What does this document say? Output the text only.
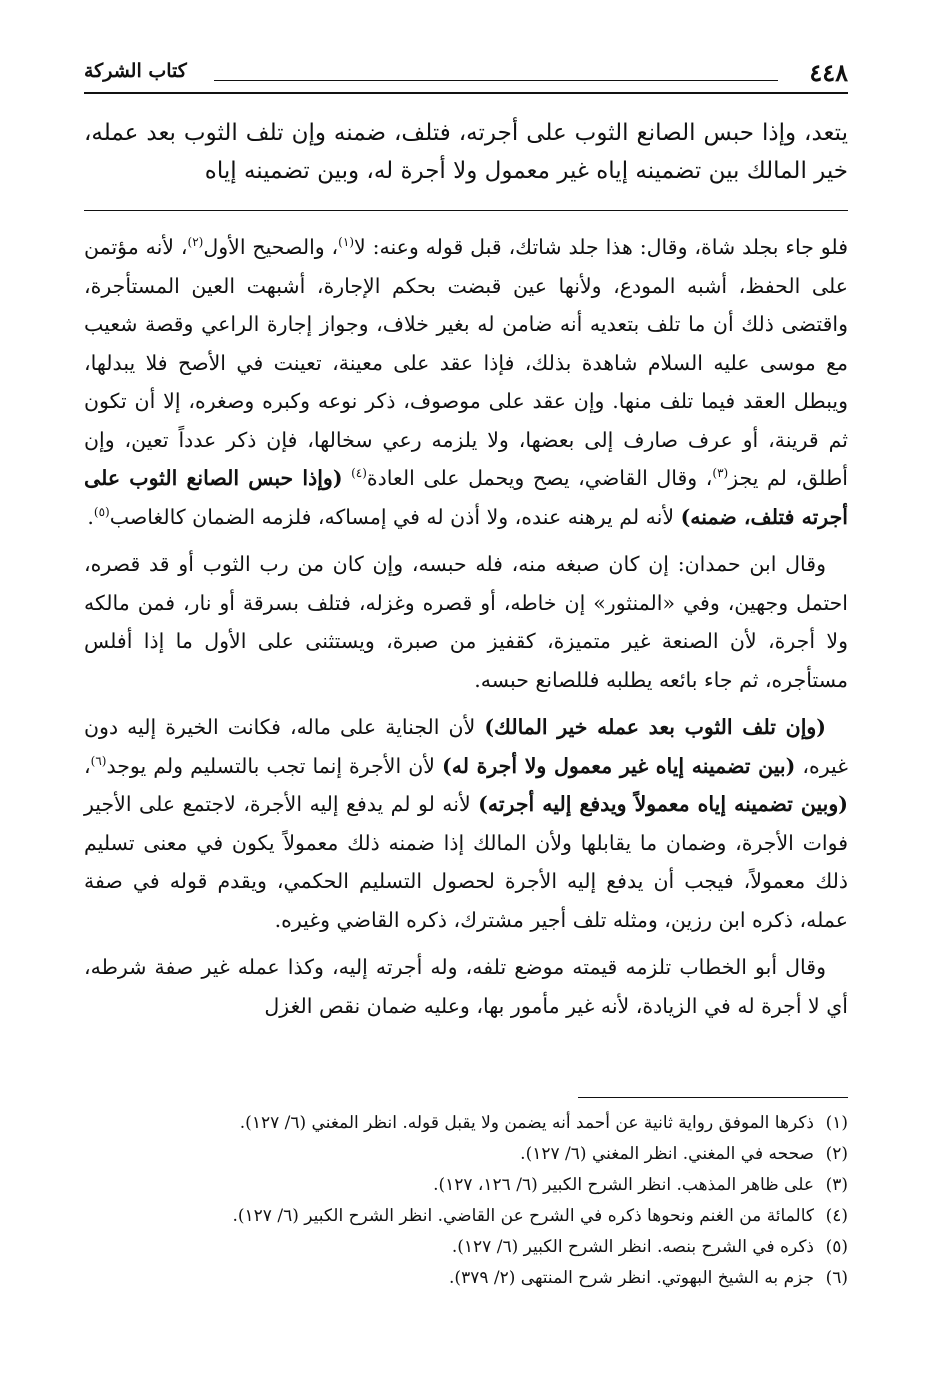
٤٤٨
كتاب الشركة

يتعد، وإذا حبس الصانع الثوب على أجرته، فتلف، ضمنه وإن تلف الثوب بعد عمله، خير المالك بين تضمينه إياه غير معمول ولا أجرة له، وبين تضمينه إياه

فلو جاء بجلد شاة، وقال: هذا جلد شاتك، قبل قوله وعنه: لا$^{(١)}$، والصحيح الأول$^{(٢)}$، لأنه مؤتمن على الحفظ، أشبه المودع، ولأنها عين قبضت بحكم الإجارة، أشبهت العين المستأجرة، واقتضى ذلك أن ما تلف بتعديه أنه ضامن له بغير خلاف، وجواز إجارة الراعي وقصة شعيب مع موسى عليه السلام شاهدة بذلك، فإذا عقد على معينة، تعينت في الأصح فلا يبدلها، ويبطل العقد فيما تلف منها. وإن عقد على موصوف، ذكر نوعه وكبره وصغره، إلا أن تكون ثم قرينة، أو عرف صارف إلى بعضها، ولا يلزمه رعي سخالها، فإن ذكر عدداً تعين، وإن أطلق، لم يجز$^{(٣)}$، وقال القاضي، يصح ويحمل على العادة$^{(٤)}$ (وإذا حبس الصانع الثوب على أجرته فتلف، ضمنه) لأنه لم يرهنه عنده، ولا أذن له في إمساكه، فلزمه الضمان كالغاصب$^{(٥)}$.

وقال ابن حمدان: إن كان صبغه منه، فله حبسه، وإن كان من رب الثوب أو قد قصره، احتمل وجهين، وفي «المنثور» إن خاطه، أو قصره وغزله، فتلف بسرقة أو نار، فمن مالكه ولا أجرة، لأن الصنعة غير متميزة، كقفيز من صبرة، ويستثنى على الأول ما إذا أفلس مستأجره، ثم جاء بائعه يطلبه فللصانع حبسه.

(وإن تلف الثوب بعد عمله خير المالك) لأن الجناية على ماله، فكانت الخيرة إليه دون غيره، (بين تضمينه إياه غير معمول ولا أجرة له) لأن الأجرة إنما تجب بالتسليم ولم يوجد$^{(٦)}$، (وبين تضمينه إياه معمولاً ويدفع إليه أجرته) لأنه لو لم يدفع إليه الأجرة، لاجتمع على الأجير فوات الأجرة، وضمان ما يقابلها ولأن المالك إذا ضمنه ذلك معمولاً يكون في معنى تسليم ذلك معمولاً، فيجب أن يدفع إليه الأجرة لحصول التسليم الحكمي، ويقدم قوله في صفة عمله، ذكره ابن رزين، ومثله تلف أجير مشترك، ذكره القاضي وغيره.

وقال أبو الخطاب تلزمه قيمته موضع تلفه، وله أجرته إليه، وكذا عمله غير صفة شرطه، أي لا أجرة له في الزيادة، لأنه غير مأمور بها، وعليه ضمان نقص الغزل

(١)ذكرها الموفق رواية ثانية عن أحمد أنه يضمن ولا يقبل قوله. انظر المغني (٦/ ١٢٧).

(٢)صححه في المغني. انظر المغني (٦/ ١٢٧).

(٣)على ظاهر المذهب. انظر الشرح الكبير (٦/ ١٢٦، ١٢٧).

(٤)كالمائة من الغنم ونحوها ذكره في الشرح عن القاضي. انظر الشرح الكبير (٦/ ١٢٧).

(٥)ذكره في الشرح بنصه. انظر الشرح الكبير (٦/ ١٢٧).

(٦)جزم به الشيخ البهوتي. انظر شرح المنتهى (٢/ ٣٧٩).
